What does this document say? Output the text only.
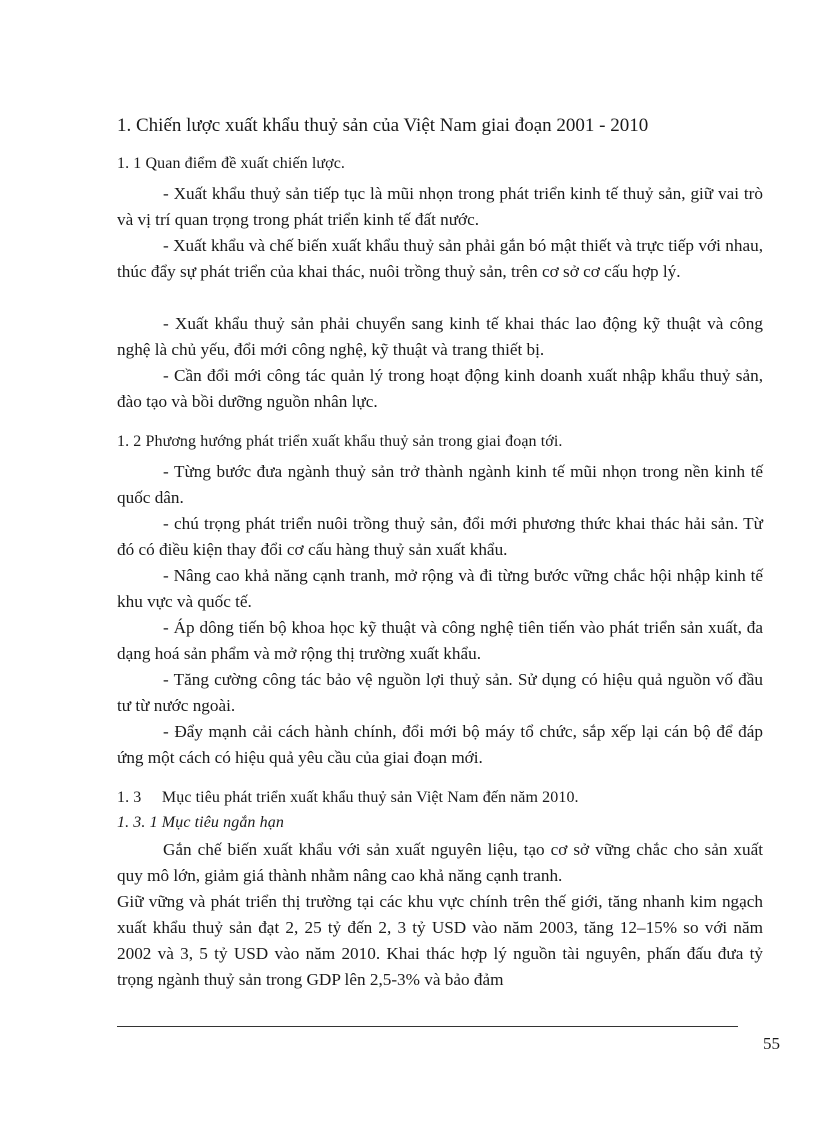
1. Chiến lược xuất khẩu thuỷ sản của Việt Nam giai đoạn 2001 - 2010
1. 1 Quan điểm đề xuất chiến lược.

- Xuất khẩu thuỷ sản tiếp tục là mũi nhọn trong phát triển kinh tế thuỷ sản, giữ vai trò và vị trí quan trọng trong phát triển kinh tế đất nước.

- Xuất khẩu và chế biến xuất khẩu thuỷ sản phải gắn bó mật thiết và trực tiếp với nhau, thúc đẩy sự phát triển của khai thác, nuôi trồng thuỷ sản, trên cơ sở cơ cấu hợp lý.

- Xuất khẩu thuỷ sản phải chuyển sang kinh tế khai thác lao động kỹ thuật và công nghệ là chủ yếu, đổi mới công nghệ, kỹ thuật và trang thiết bị.

- Cần đổi mới công tác quản lý trong hoạt động kinh doanh xuất nhập khẩu thuỷ sản, đào tạo và bồi dưỡng nguồn nhân lực.

1. 2 Phương hướng phát triển xuất khẩu thuỷ sản trong giai đoạn tới.

- Từng bước đưa ngành thuỷ sản trở thành ngành kinh tế mũi nhọn trong nền kinh tế quốc dân.

- chú trọng phát triển nuôi trồng thuỷ sản, đổi mới phương thức khai thác hải sản. Từ đó có điều kiện thay đổi cơ cấu hàng thuỷ sản xuất khẩu.

- Nâng cao khả năng cạnh tranh, mở rộng và đi từng bước vững chắc hội nhập kinh tế khu vực và quốc tế.

- Áp dông tiến bộ khoa học kỹ thuật và công nghệ tiên tiến vào phát triển sản xuất, đa dạng hoá sản phẩm và mở rộng thị trường xuất khẩu.

- Tăng cường công tác bảo vệ nguồn lợi thuỷ sản. Sử dụng có hiệu quả nguồn vố đầu tư từ nước ngoài.

- Đẩy mạnh cải cách hành chính, đổi mới bộ máy tổ chức, sắp xếp lại cán bộ để đáp ứng một cách có hiệu quả yêu cầu của giai đoạn mới.

1. 3     Mục tiêu phát triển xuất khẩu thuỷ sản Việt Nam đến năm 2010.
1. 3. 1 Mục tiêu ngắn hạn

Gắn chế biến xuất khẩu với sản xuất nguyên liệu, tạo cơ sở vững chắc cho sản xuất quy mô lớn, giảm giá thành nhằm nâng cao khả năng cạnh tranh.

Giữ vững và phát triển thị trường tại các khu vực chính trên thế giới, tăng nhanh kim ngạch xuất khẩu thuỷ sản đạt 2, 25 tỷ đến 2, 3 tỷ USD vào năm 2003, tăng 12–15% so với năm 2002 và 3, 5 tỷ USD vào năm 2010. Khai thác hợp lý nguồn tài nguyên, phấn đấu đưa tỷ trọng ngành thuỷ sản trong GDP lên 2,5-3% và bảo đảm

55
